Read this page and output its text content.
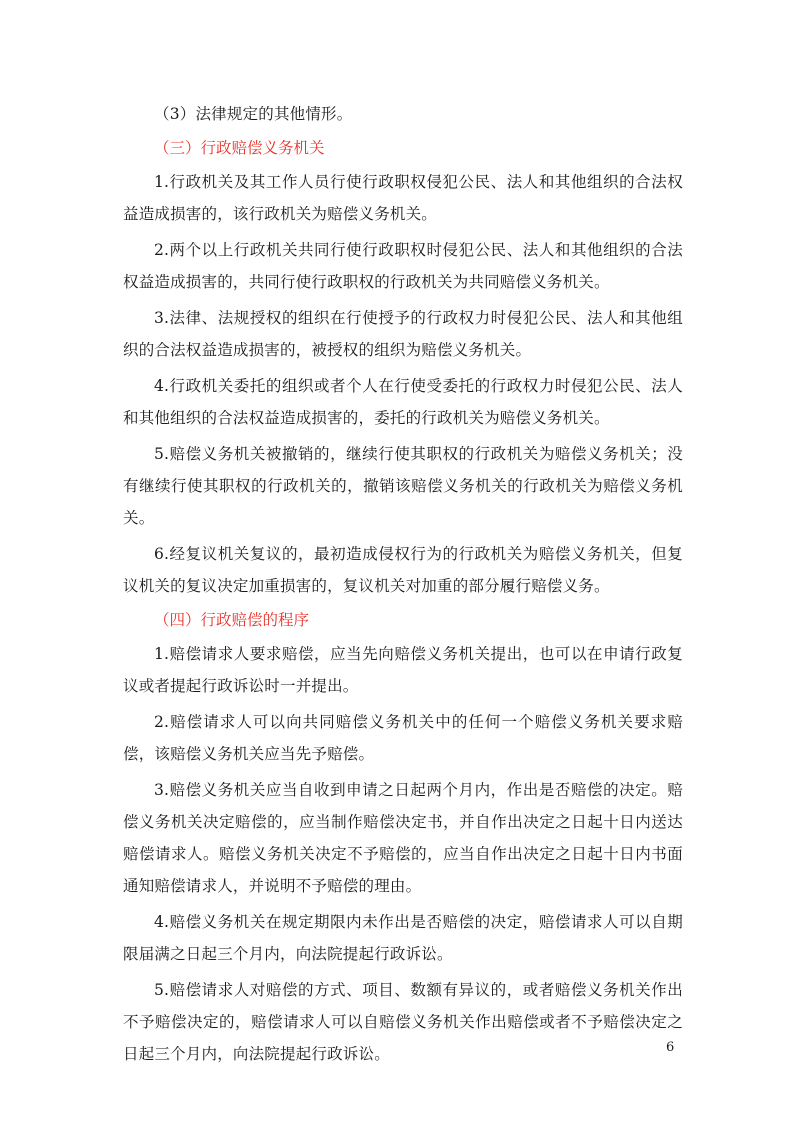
（3）法律规定的其他情形。

（三）行政赔偿义务机关

1.行政机关及其工作人员行使行政职权侵犯公民、法人和其他组织的合法权益造成损害的，该行政机关为赔偿义务机关。

2.两个以上行政机关共同行使行政职权时侵犯公民、法人和其他组织的合法权益造成损害的，共同行使行政职权的行政机关为共同赔偿义务机关。

3.法律、法规授权的组织在行使授予的行政权力时侵犯公民、法人和其他组织的合法权益造成损害的，被授权的组织为赔偿义务机关。

4.行政机关委托的组织或者个人在行使受委托的行政权力时侵犯公民、法人和其他组织的合法权益造成损害的，委托的行政机关为赔偿义务机关。

5.赔偿义务机关被撤销的，继续行使其职权的行政机关为赔偿义务机关；没有继续行使其职权的行政机关的，撤销该赔偿义务机关的行政机关为赔偿义务机关。

6.经复议机关复议的，最初造成侵权行为的行政机关为赔偿义务机关，但复议机关的复议决定加重损害的，复议机关对加重的部分履行赔偿义务。

（四）行政赔偿的程序

1.赔偿请求人要求赔偿，应当先向赔偿义务机关提出，也可以在申请行政复议或者提起行政诉讼时一并提出。

2.赔偿请求人可以向共同赔偿义务机关中的任何一个赔偿义务机关要求赔偿，该赔偿义务机关应当先予赔偿。

3.赔偿义务机关应当自收到申请之日起两个月内，作出是否赔偿的决定。赔偿义务机关决定赔偿的，应当制作赔偿决定书，并自作出决定之日起十日内送达赔偿请求人。赔偿义务机关决定不予赔偿的，应当自作出决定之日起十日内书面通知赔偿请求人，并说明不予赔偿的理由。

4.赔偿义务机关在规定期限内未作出是否赔偿的决定，赔偿请求人可以自期限届满之日起三个月内，向法院提起行政诉讼。

5.赔偿请求人对赔偿的方式、项目、数额有异议的，或者赔偿义务机关作出不予赔偿决定的，赔偿请求人可以自赔偿义务机关作出赔偿或者不予赔偿决定之日起三个月内，向法院提起行政诉讼。	6
